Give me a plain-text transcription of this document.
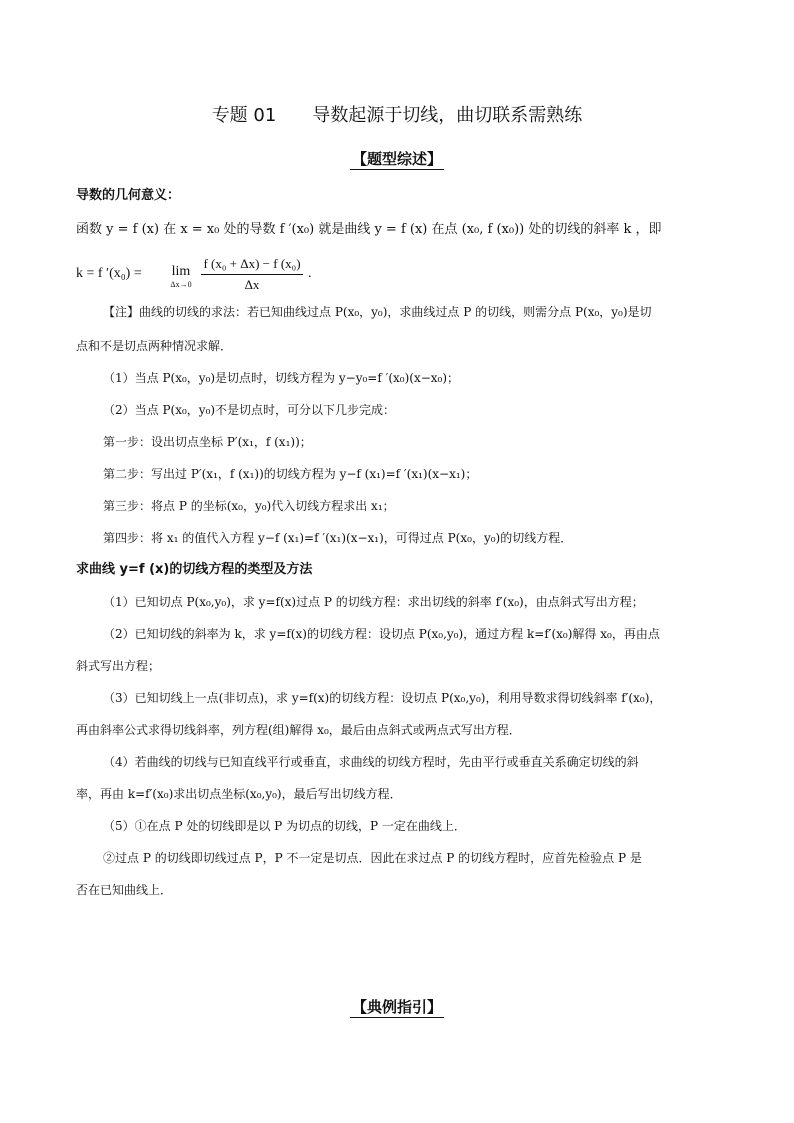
专题 01　　导数起源于切线，曲切联系需熟练
【题型综述】
导数的几何意义：
函数 y = f (x) 在 x = x₀ 处的导数 f ′(x₀) 就是曲线 y = f (x) 在点 (x₀, f (x₀)) 处的切线的斜率 k ，即
k = f ′(x₀) =	lim
$\Delta x\to 0 \frac{\text{f (x₀ + Δx) − f (x₀)}}{\Delta x}$ .
【注】曲线的切线的求法：若已知曲线过点 P(x₀，y₀)，求曲线过点 P 的切线，则需分点 P(x₀，y₀)是切
点和不是切点两种情况求解．
（1）当点 P(x₀，y₀)是切点时，切线方程为 y−y₀=f ′(x₀)(x−x₀)；
（2）当点 P(x₀，y₀)不是切点时，可分以下几步完成：
第一步：设出切点坐标 P′(x₁，f (x₁))；
第二步：写出过 P′(x₁，f (x₁))的切线方程为 y−f (x₁)=f ′(x₁)(x−x₁)；
第三步：将点 P 的坐标(x₀，y₀)代入切线方程求出 x₁；
第四步：将 x₁ 的值代入方程 y−f (x₁)=f ′(x₁)(x−x₁)，可得过点 P(x₀，y₀)的切线方程．
求曲线 y=f (x)的切线方程的类型及方法
（1）已知切点 P(x₀,y₀)，求 y=f(x)过点 P 的切线方程：求出切线的斜率 f′(x₀)，由点斜式写出方程；
（2）已知切线的斜率为 k，求 y=f(x)的切线方程：设切点 P(x₀,y₀)，通过方程 k=f′(x₀)解得 x₀，再由点
斜式写出方程；
（3）已知切线上一点(非切点)，求 y=f(x)的切线方程：设切点 P(x₀,y₀)，利用导数求得切线斜率 f′(x₀)，
再由斜率公式求得切线斜率，列方程(组)解得 x₀，最后由点斜式或两点式写出方程．
（4）若曲线的切线与已知直线平行或垂直，求曲线的切线方程时，先由平行或垂直关系确定切线的斜
率，再由 k=f′(x₀)求出切点坐标(x₀,y₀)，最后写出切线方程．
（5）①在点 P 处的切线即是以 P 为切点的切线，P 一定在曲线上．
②过点 P 的切线即切线过点 P，P 不一定是切点．因此在求过点 P 的切线方程时，应首先检验点 P 是
否在已知曲线上．
【典例指引】
